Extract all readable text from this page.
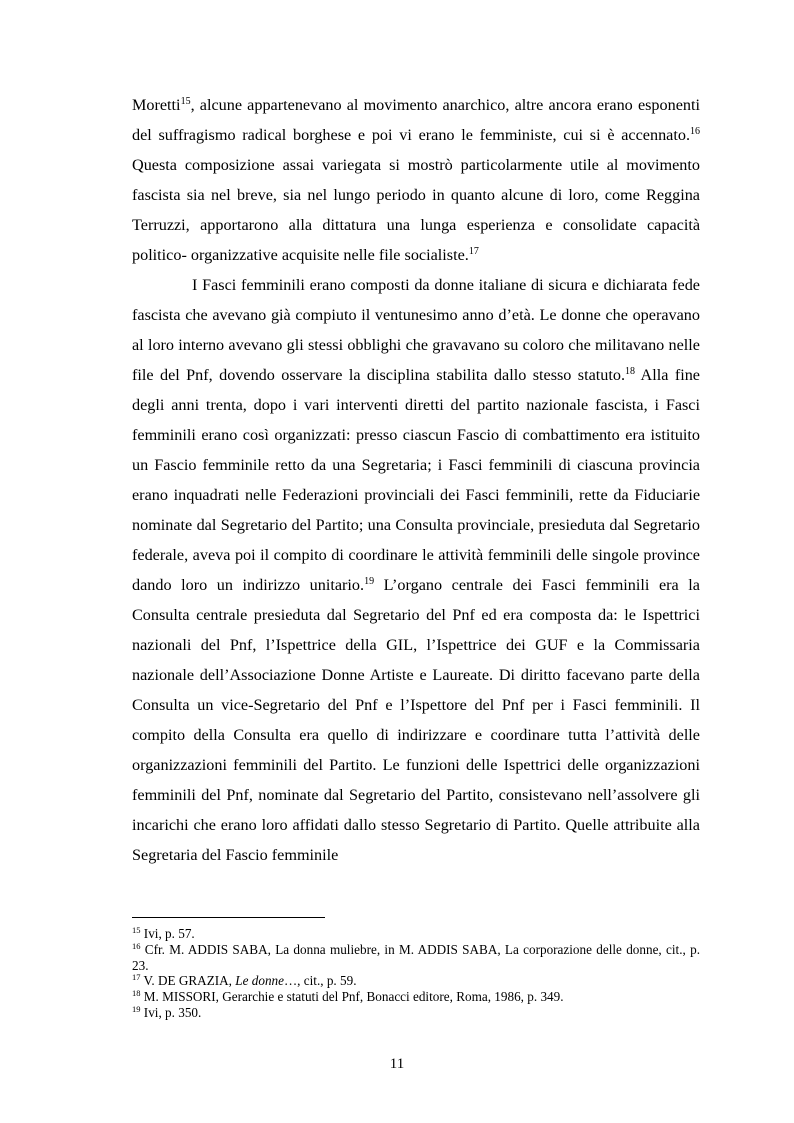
Moretti$^{15}$, alcune appartenevano al movimento anarchico, altre ancora erano esponenti del suffragismo radical borghese e poi vi erano le femministe, cui si è accennato.$^{16}$ Questa composizione assai variegata si mostrò particolarmente utile al movimento fascista sia nel breve, sia nel lungo periodo in quanto alcune di loro, come Reggina Terruzzi, apportarono alla dittatura una lunga esperienza e consolidate capacità politico- organizzative acquisite nelle file socialiste.$^{17}$

I Fasci femminili erano composti da donne italiane di sicura e dichiarata fede fascista che avevano già compiuto il ventunesimo anno d’età. Le donne che operavano al loro interno avevano gli stessi obblighi che gravavano su coloro che militavano nelle file del Pnf, dovendo osservare la disciplina stabilita dallo stesso statuto.$^{18}$ Alla fine degli anni trenta, dopo i vari interventi diretti del partito nazionale fascista, i Fasci femminili erano così organizzati: presso ciascun Fascio di combattimento era istituito un Fascio femminile retto da una Segretaria; i Fasci femminili di ciascuna provincia erano inquadrati nelle Federazioni provinciali dei Fasci femminili, rette da Fiduciarie nominate dal Segretario del Partito; una Consulta provinciale, presieduta dal Segretario federale, aveva poi il compito di coordinare le attività femminili delle singole province dando loro un indirizzo unitario.$^{19}$ L’organo centrale dei Fasci femminili era la Consulta centrale presieduta dal Segretario del Pnf ed era composta da: le Ispettrici nazionali del Pnf, l’Ispettrice della GIL, l’Ispettrice dei GUF e la Commissaria nazionale dell’Associazione Donne Artiste e Laureate. Di diritto facevano parte della Consulta un vice-Segretario del Pnf e l’Ispettore del Pnf per i Fasci femminili. Il compito della Consulta era quello di indirizzare e coordinare tutta l’attività delle organizzazioni femminili del Partito. Le funzioni delle Ispettrici delle organizzazioni femminili del Pnf, nominate dal Segretario del Partito, consistevano nell’assolvere gli incarichi che erano loro affidati dallo stesso Segretario di Partito. Quelle attribuite alla Segretaria del Fascio femminile

$^{15}$ Ivi, p. 57.

$^{16}$ Cfr. M. ADDIS SABA, La donna muliebre, in M. ADDIS SABA, La corporazione delle donne, cit., p. 23.

$^{17}$ V. DE GRAZIA, Le donne…, cit., p. 59.

$^{18}$ M. MISSORI, Gerarchie e statuti del Pnf, Bonacci editore, Roma, 1986, p. 349.

$^{19}$ Ivi, p. 350.

11
